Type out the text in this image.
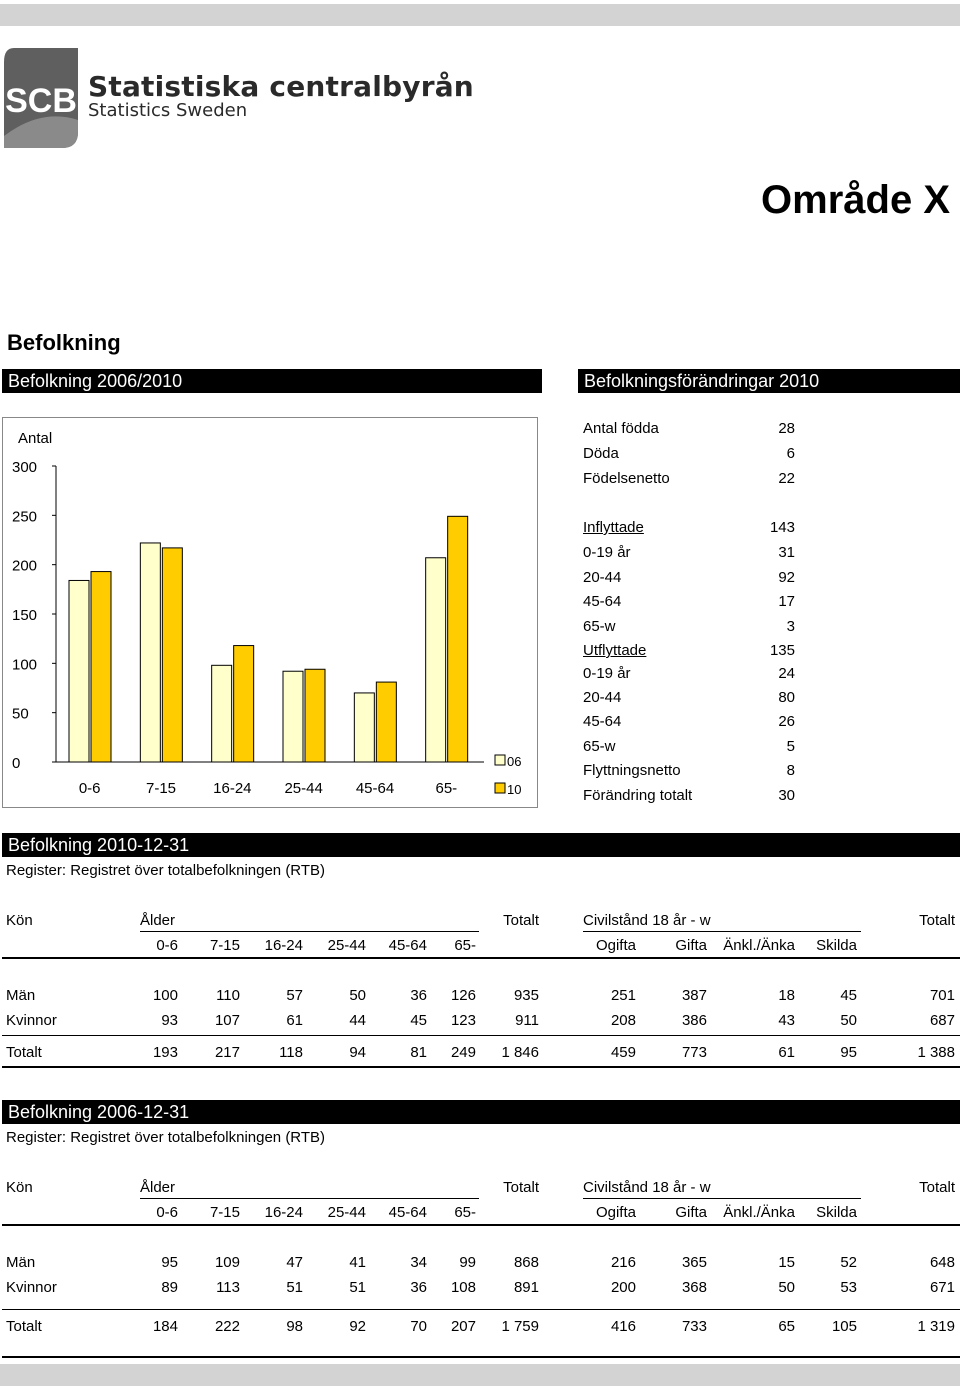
SCB Statistiska centralbyrån
Statistics Sweden
Område X
Befolkning
Befolkning 2006/2010	Befolkningsförändringar 2010
Antal
0
50
100
150
200
250
300
0-6	7-15 16-24 25-44 45-64	65-
06
10
Antal födda	28
Döda	6
Födelsenetto	22
Inflyttade	143
0-19 år	31
20-44	92
45-64	17
65-w	3
Utflyttade	135
0-19 år	24
20-44	80
45-64	26
65-w	5
Flyttningsnetto	8
Förändring totalt	30
Befolkning 2010-12-31
Register: Registret över totalbefolkningen (RTB)
Kön	Ålder	Totalt	Civilstånd 18 år - w	Totalt
0-6	7-15	16-24	25-44	45-64	65-	Ogifta	Gifta	Änkl./Änka	Skilda
Män	100	110	57	50	36	126	935	251	387	18	45	701
Kvinnor	93	107	61	44	45	123	911	208	386	43	50	687
Totalt	193	217	118	94	81	249	1 846	459	773	61	95	1 388
Befolkning 2006-12-31
Register: Registret över totalbefolkningen (RTB)
Kön	Ålder	Totalt	Civilstånd 18 år - w	Totalt
0-6	7-15	16-24	25-44	45-64	65-	Ogifta	Gifta	Änkl./Änka	Skilda
Män	95	109	47	41	34	99	868	216	365	15	52	648
Kvinnor	89	113	51	51	36	108	891	200	368	50	53	671
Totalt	184	222	98	92	70	207	1 759	416	733	65	105	1 319
